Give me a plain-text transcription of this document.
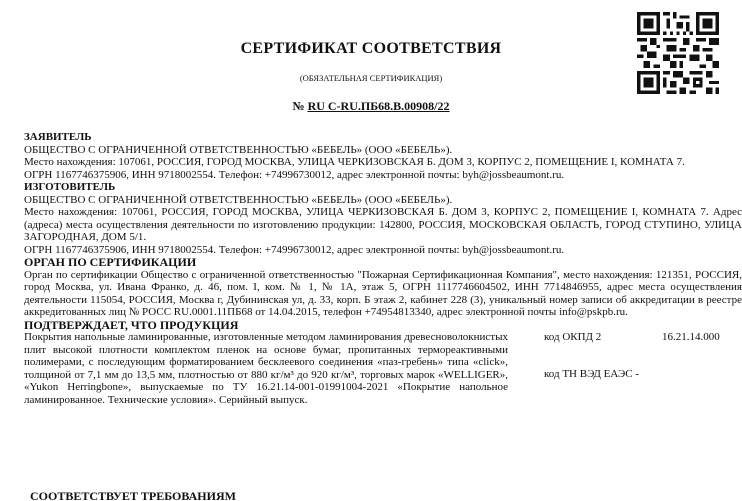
СЕРТИФИКАТ СООТВЕТСТВИЯ
(ОБЯЗАТЕЛЬНАЯ СЕРТИФИКАЦИЯ)
№ RU C-RU.ПБ68.В.00908/22
ЗАЯВИТЕЛЬ

ОБЩЕСТВО С ОГРАНИЧЕННОЙ ОТВЕТСТВЕННОСТЬЮ «БЕБЕЛЬ» (ООО «БЕБЕЛЬ»).

Место нахождения: 107061, РОССИЯ, ГОРОД МОСКВА, УЛИЦА ЧЕРКИЗОВСКАЯ Б. ДОМ 3, КОРПУС 2, ПОМЕЩЕНИЕ I, КОМНАТА 7.

ОГРН 1167746375906, ИНН 9718002554. Телефон: +74996730012, адрес электронной почты: byh@jossbeaumont.ru.

ИЗГОТОВИТЕЛЬ

ОБЩЕСТВО С ОГРАНИЧЕННОЙ ОТВЕТСТВЕННОСТЬЮ «БЕБЕЛЬ» (ООО «БЕБЕЛЬ»).

Место нахождения: 107061, РОССИЯ, ГОРОД МОСКВА, УЛИЦА ЧЕРКИЗОВСКАЯ Б. ДОМ 3, КОРПУС 2, ПОМЕЩЕНИЕ I, КОМНАТА 7. Адрес (адреса) места осуществления деятельности по изготовлению продукции: 142800, РОССИЯ, МОСКОВСКАЯ ОБЛАСТЬ, ГОРОД СТУПИНО, УЛИЦА ЗАГОРОДНАЯ, ДОМ 5/1.

ОГРН 1167746375906, ИНН 9718002554. Телефон: +74996730012, адрес электронной почты: byh@jossbeaumont.ru.

ОРГАН ПО СЕРТИФИКАЦИИ

Орган по сертификации Общество с ограниченной ответственностью "Пожарная Сертификационная Компания", место нахождения: 121351, РОССИЯ, город Москва, ул. Ивана Франко, д. 46, пом. I, ком. № 1, № 1А, этаж 5, ОГРН 1117746604502, ИНН 7714846955, адрес места осуществления деятельности 115054, РОССИЯ, Москва г, Дубининская ул, д. 33, корп. Б этаж 2, кабинет 228 (3), уникальный номер записи об аккредитации в реестре аккредитованных лиц № РОСС RU.0001.11ПБ68 от 14.04.2015, телефон +74954813340, адрес электронной почты info@pskpb.ru.

ПОДТВЕРЖДАЕТ, ЧТО ПРОДУКЦИЯ

Покрытия напольные ламинированные, изготовленные методом ламинирования древесноволокнистых плит высокой плотности комплектом пленок на основе бумаг, пропитанных термореактивными полимерами, с последующим форматированием бесклеевого соединения «паз-гребень» типа «click», толщиной от 7,1 мм до 13,5 мм, плотностью от 880 кг/м³ до 920 кг/м³, торговых марок «WELLIGER», «Yukon Herringbone», выпускаемые по ТУ 16.21.14-001-01991004-2021 «Покрытие напольное ламинированное. Технические условия». Серийный выпуск.

код ОКПД 2	16.21.14.000
код ТН ВЭД ЕАЭС -
СООТВЕТСТВУЕТ ТРЕБОВАНИЯМ
